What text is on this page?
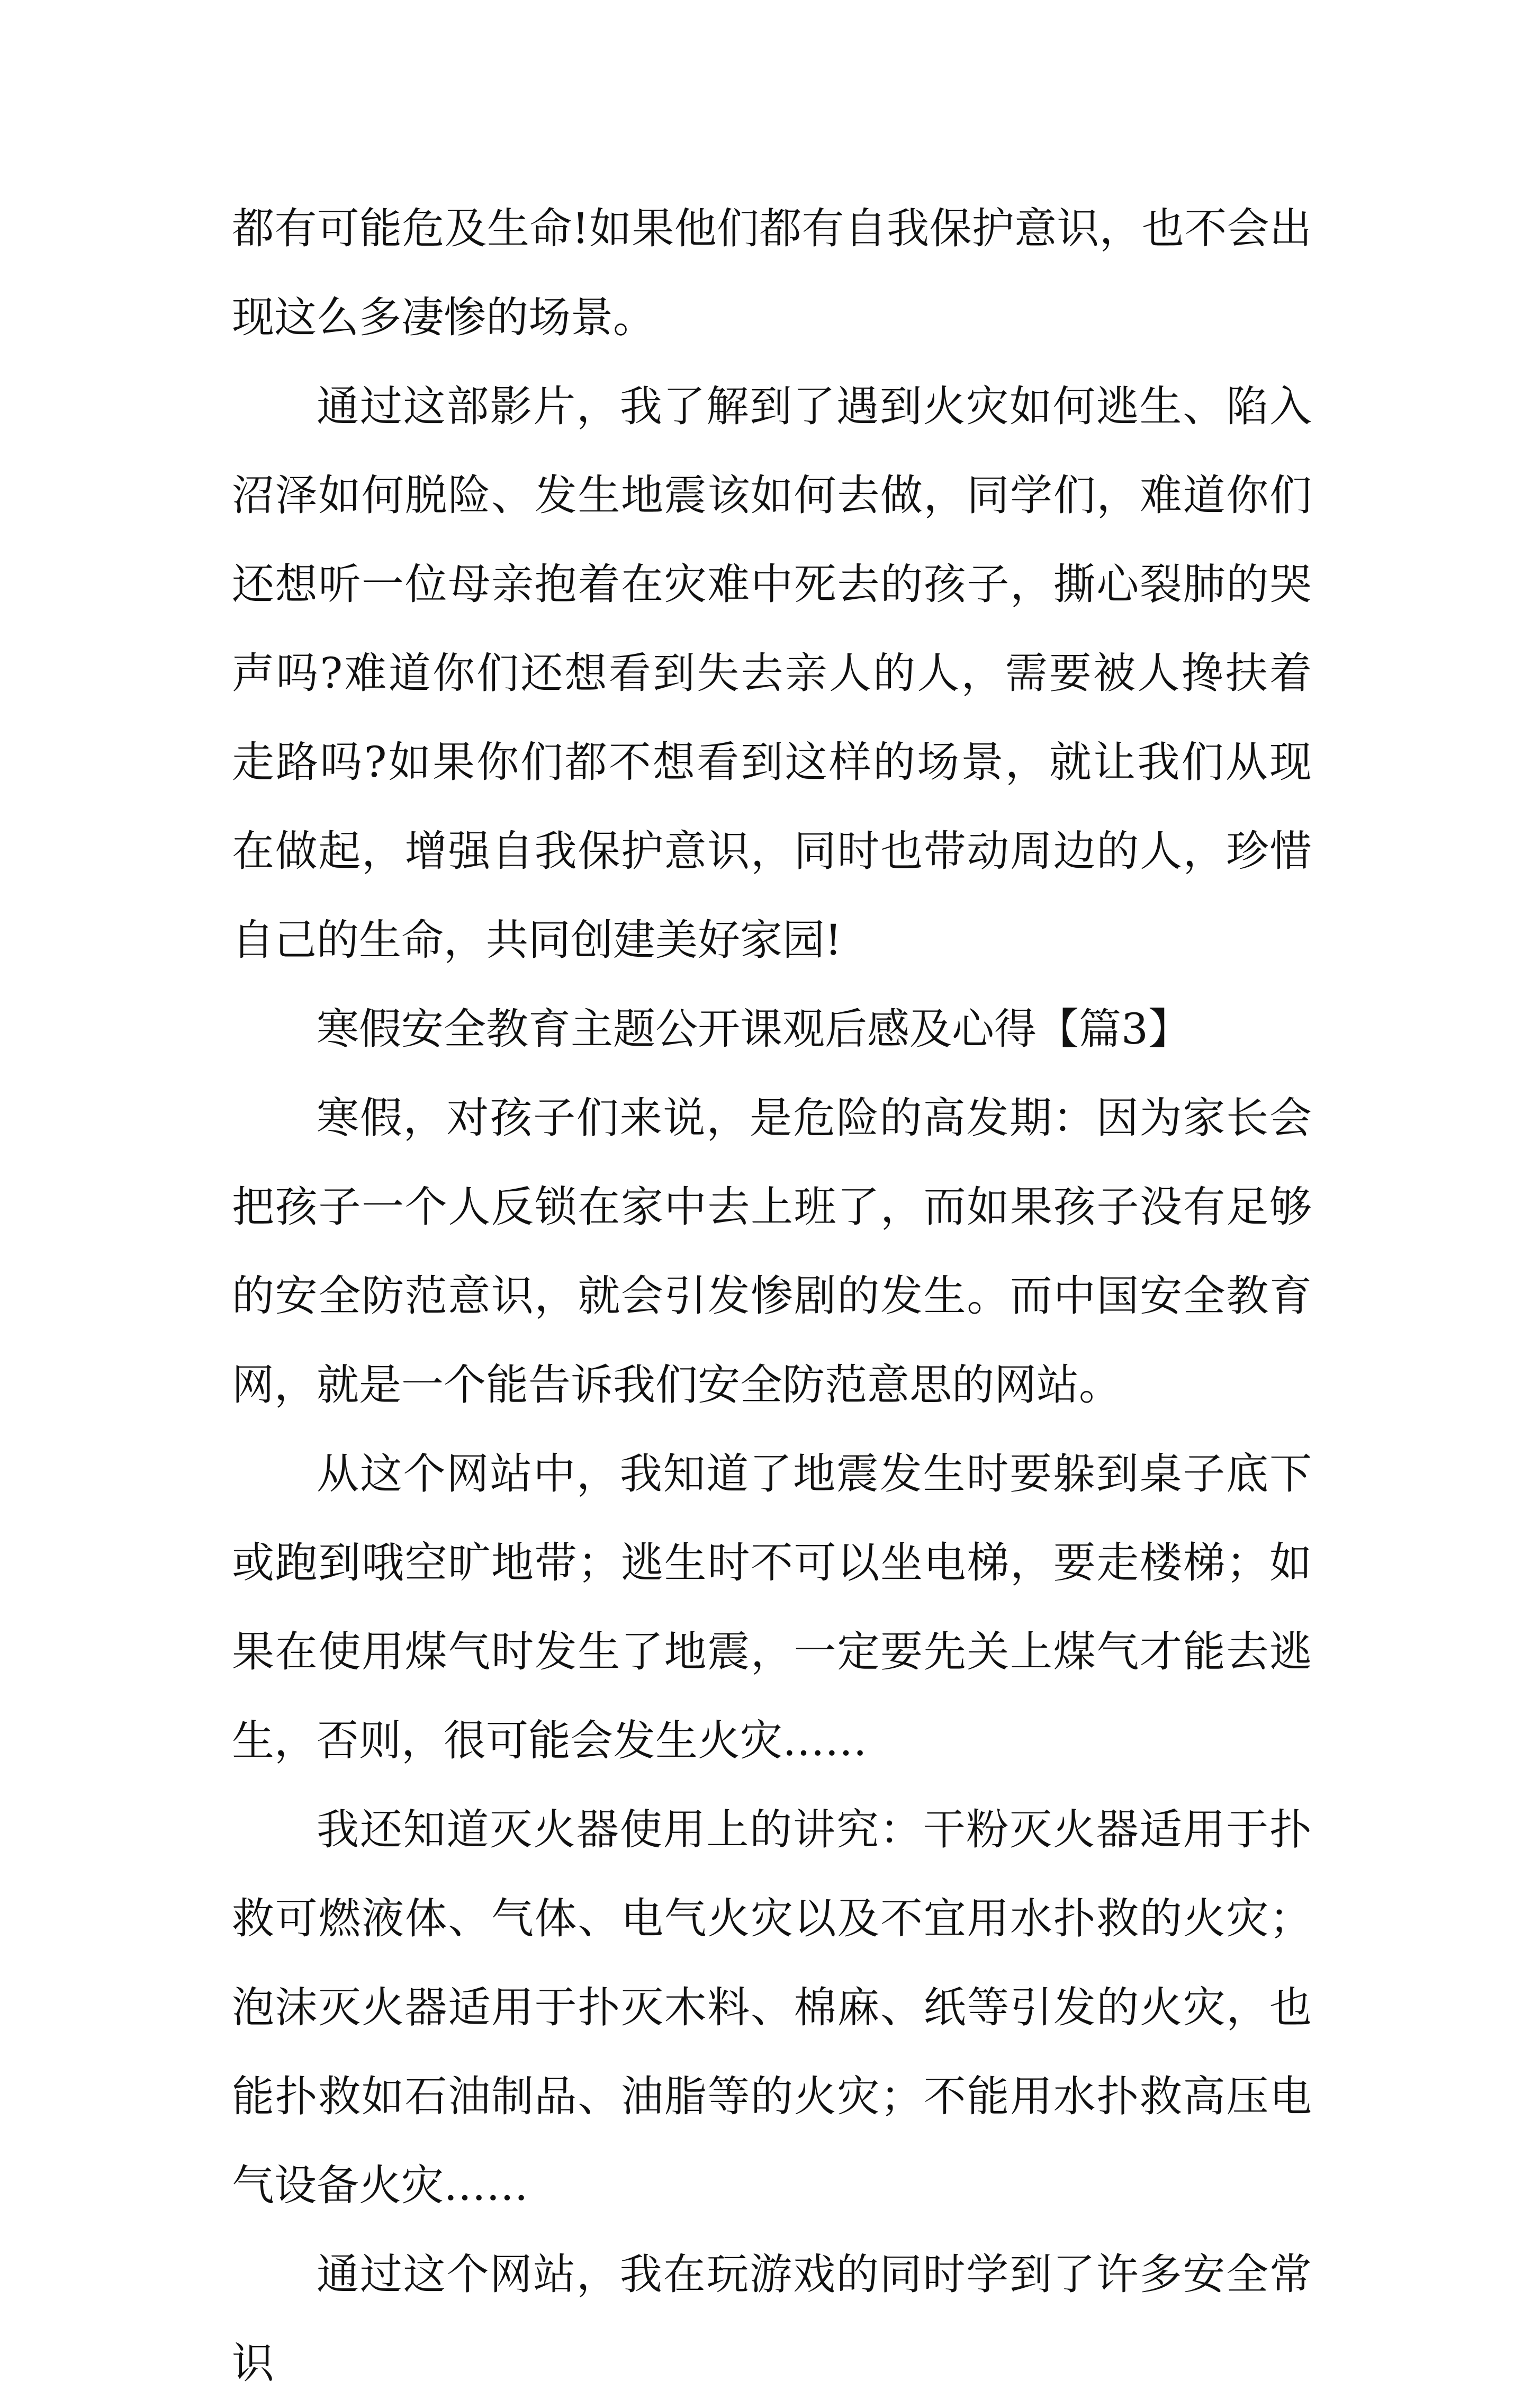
都有可能危及生命!如果他们都有自我保护意识，也不会出现这么多凄惨的场景。

通过这部影片，我了解到了遇到火灾如何逃生、陷入沼泽如何脱险、发生地震该如何去做，同学们，难道你们还想听一位母亲抱着在灾难中死去的孩子，撕心裂肺的哭声吗?难道你们还想看到失去亲人的人，需要被人搀扶着走路吗?如果你们都不想看到这样的场景，就让我们从现在做起，增强自我保护意识，同时也带动周边的人，珍惜自己的生命，共同创建美好家园!

寒假安全教育主题公开课观后感及心得【篇3】

寒假，对孩子们来说，是危险的高发期：因为家长会把孩子一个人反锁在家中去上班了，而如果孩子没有足够的安全防范意识，就会引发惨剧的发生。而中国安全教育网，就是一个能告诉我们安全防范意思的网站。

从这个网站中，我知道了地震发生时要躲到桌子底下或跑到哦空旷地带；逃生时不可以坐电梯，要走楼梯；如果在使用煤气时发生了地震，一定要先关上煤气才能去逃生，否则，很可能会发生火灾……

我还知道灭火器使用上的讲究：干粉灭火器适用于扑救可燃液体、气体、电气火灾以及不宜用水扑救的火灾；泡沫灭火器适用于扑灭木料、棉麻、纸等引发的火灾，也能扑救如石油制品、油脂等的火灾；不能用水扑救高压电气设备火灾……

通过这个网站，我在玩游戏的同时学到了许多安全常识
